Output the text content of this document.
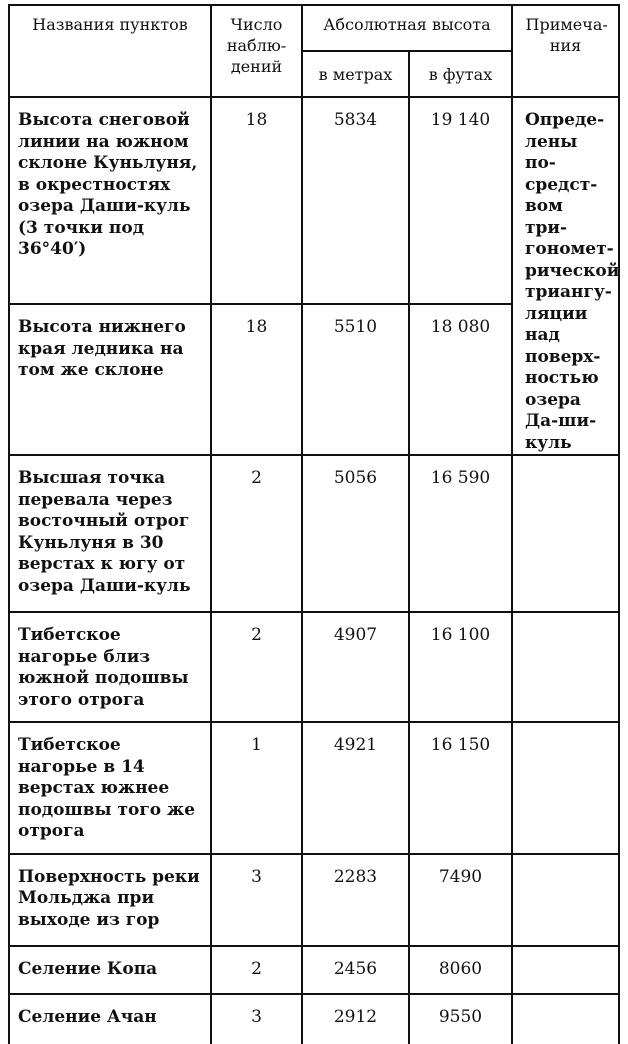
Названия пунктов	Число наблю-дений	Абсолютная высота		Примеча-ния

		в метрах	в футах	
Высота снеговой линии на южном склоне Куньлуня, в окрестностях озера Даши-куль (3 точки под 36°40′)	18	5834	19 140	Опреде-лены по-средст-вом три-гономет-рической триангу-ляции над поверх-ностью озера Да-ши-куль

Высота нижнего края ледника на том же склоне	18	5510	18 080	
Высшая точка перевала через восточный отрог Куньлуня в 30 верстах к югу от озера Даши-куль	2	5056	16 590	
Тибетское нагорье близ южной подошвы этого отрога	2	4907	16 100	
Тибетское нагорье в 14 верстах южнее подошвы того же отрога	1	4921	16 150	
Поверхность реки Мольджа при выходе из гор	3	2283	7490	
Селение Копа	2	2456	8060	
Селение Ачан	3	2912	9550	
